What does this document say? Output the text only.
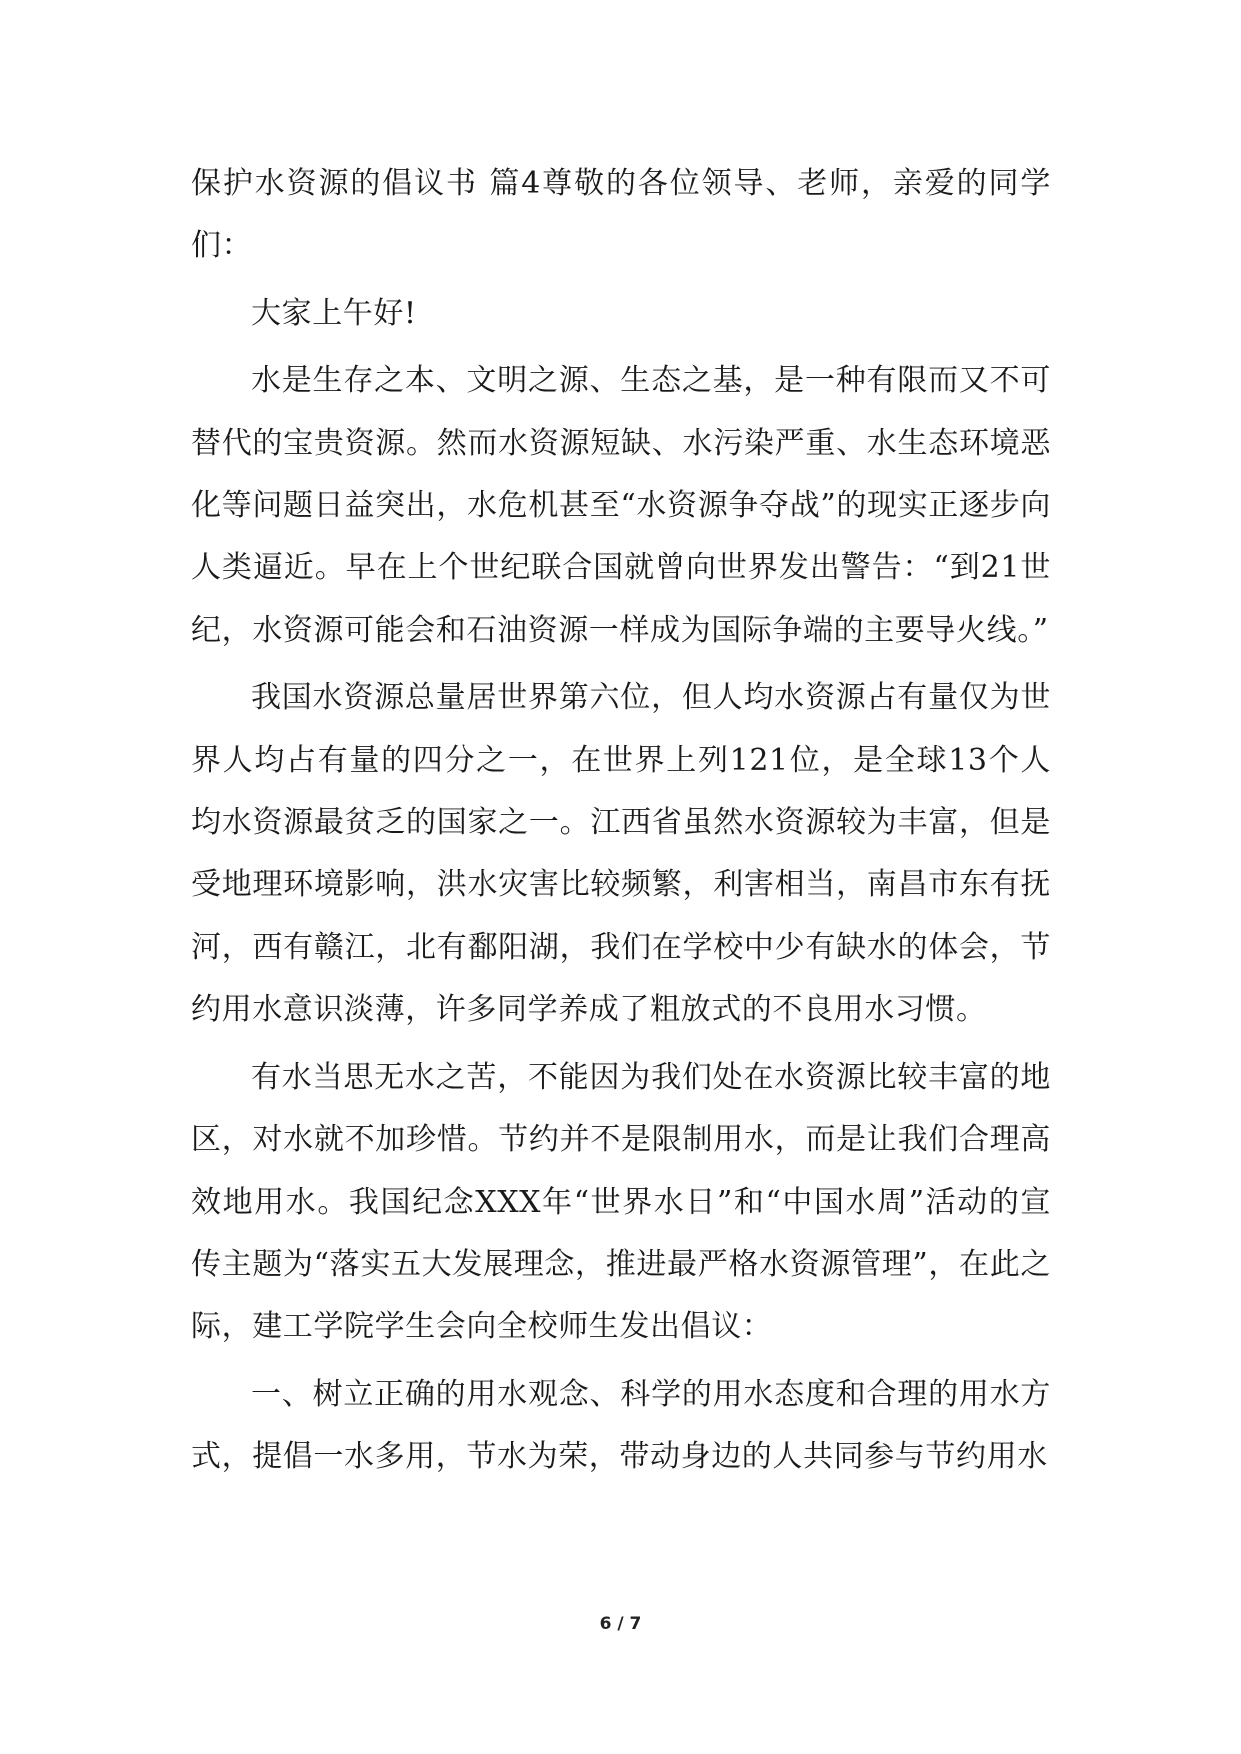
保护水资源的倡议书 篇4尊敬的各位领导、老师，亲爱的同学们：

大家上午好!

水是生存之本、文明之源、生态之基，是一种有限而又不可替代的宝贵资源。然而水资源短缺、水污染严重、水生态环境恶化等问题日益突出，水危机甚至“水资源争夺战”的现实正逐步向人类逼近。早在上个世纪联合国就曾向世界发出警告：“到21世纪，水资源可能会和石油资源一样成为国际争端的主要导火线。”

我国水资源总量居世界第六位，但人均水资源占有量仅为世界人均占有量的四分之一，在世界上列121位，是全球13个人均水资源最贫乏的国家之一。江西省虽然水资源较为丰富，但是受地理环境影响，洪水灾害比较频繁，利害相当，南昌市东有抚河，西有赣江，北有鄱阳湖，我们在学校中少有缺水的体会，节约用水意识淡薄，许多同学养成了粗放式的不良用水习惯。

有水当思无水之苦，不能因为我们处在水资源比较丰富的地区，对水就不加珍惜。节约并不是限制用水，而是让我们合理高效地用水。我国纪念XXX年“世界水日”和“中国水周”活动的宣传主题为“落实五大发展理念，推进最严格水资源管理”，在此之际，建工学院学生会向全校师生发出倡议：

一、树立正确的用水观念、科学的用水态度和合理的用水方式，提倡一水多用，节水为荣，带动身边的人共同参与节约用水

6 / 7
